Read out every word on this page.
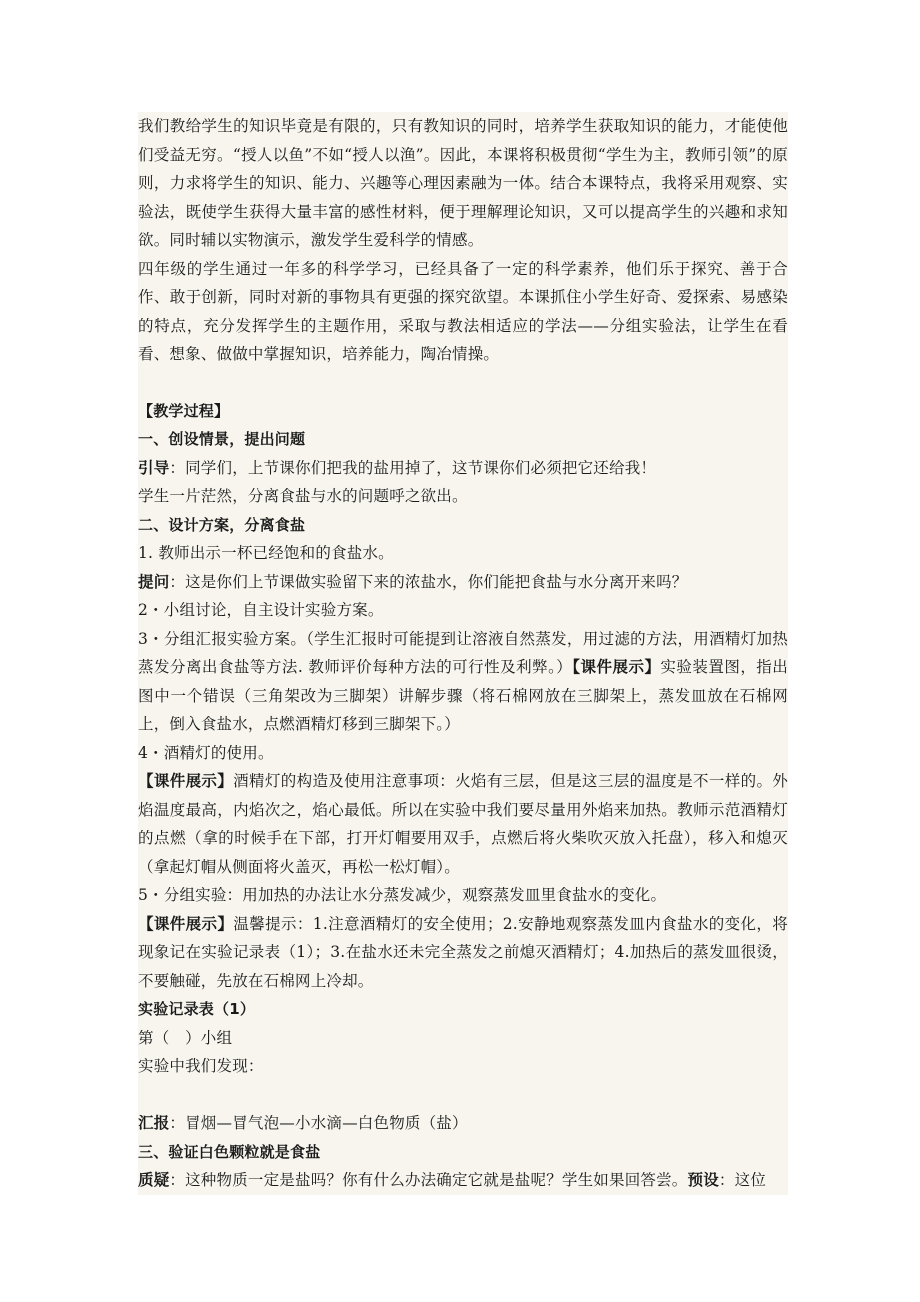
我们教给学生的知识毕竟是有限的，只有教知识的同时，培养学生获取知识的能力，才能使他们受益无穷。“授人以鱼”不如“授人以渔”。因此，本课将积极贯彻“学生为主，教师引领”的原则，力求将学生的知识、能力、兴趣等心理因素融为一体。结合本课特点，我将采用观察、实验法，既使学生获得大量丰富的感性材料，便于理解理论知识，又可以提高学生的兴趣和求知欲。同时辅以实物演示，激发学生爱科学的情感。

四年级的学生通过一年多的科学学习，已经具备了一定的科学素养，他们乐于探究、善于合作、敢于创新，同时对新的事物具有更强的探究欲望。本课抓住小学生好奇、爱探索、易感染的特点，充分发挥学生的主题作用，采取与教法相适应的学法——分组实验法，让学生在看看、想象、做做中掌握知识，培养能力，陶冶情操。

【教学过程】

一、创设情景，提出问题

引导：同学们，上节课你们把我的盐用掉了，这节课你们必须把它还给我！

学生一片茫然，分离食盐与水的问题呼之欲出。

二、设计方案，分离食盐

1. 教师出示一杯已经饱和的食盐水。

提问：这是你们上节课做实验留下来的浓盐水，你们能把食盐与水分离开来吗？

2・小组讨论，自主设计实验方案。

3・分组汇报实验方案。（学生汇报时可能提到让溶液自然蒸发，用过滤的方法，用酒精灯加热蒸发分离出食盐等方法. 教师评价每种方法的可行性及利弊。）【课件展示】实验装置图，指出图中一个错误（三角架改为三脚架）讲解步骤（将石棉网放在三脚架上，蒸发皿放在石棉网上，倒入食盐水，点燃酒精灯移到三脚架下。）

4・酒精灯的使用。

【课件展示】酒精灯的构造及使用注意事项：火焰有三层，但是这三层的温度是不一样的。外焰温度最高，内焰次之，焰心最低。所以在实验中我们要尽量用外焰来加热。教师示范酒精灯的点燃（拿的时候手在下部，打开灯帽要用双手，点燃后将火柴吹灭放入托盘），移入和熄灭（拿起灯帽从侧面将火盖灭，再松一松灯帽）。

5・分组实验：用加热的办法让水分蒸发减少，观察蒸发皿里食盐水的变化。

【课件展示】温馨提示：1.注意酒精灯的安全使用；2.安静地观察蒸发皿内食盐水的变化，将现象记在实验记录表（1）；3.在盐水还未完全蒸发之前熄灭酒精灯；4.加热后的蒸发皿很烫，不要触碰，先放在石棉网上冷却。

实验记录表（1）

第（　）小组

实验中我们发现：

汇报：冒烟—冒气泡—小水滴—白色物质（盐）

三、验证白色颗粒就是食盐

质疑：这种物质一定是盐吗？你有什么办法确定它就是盐呢？学生如果回答尝。预设：这位
